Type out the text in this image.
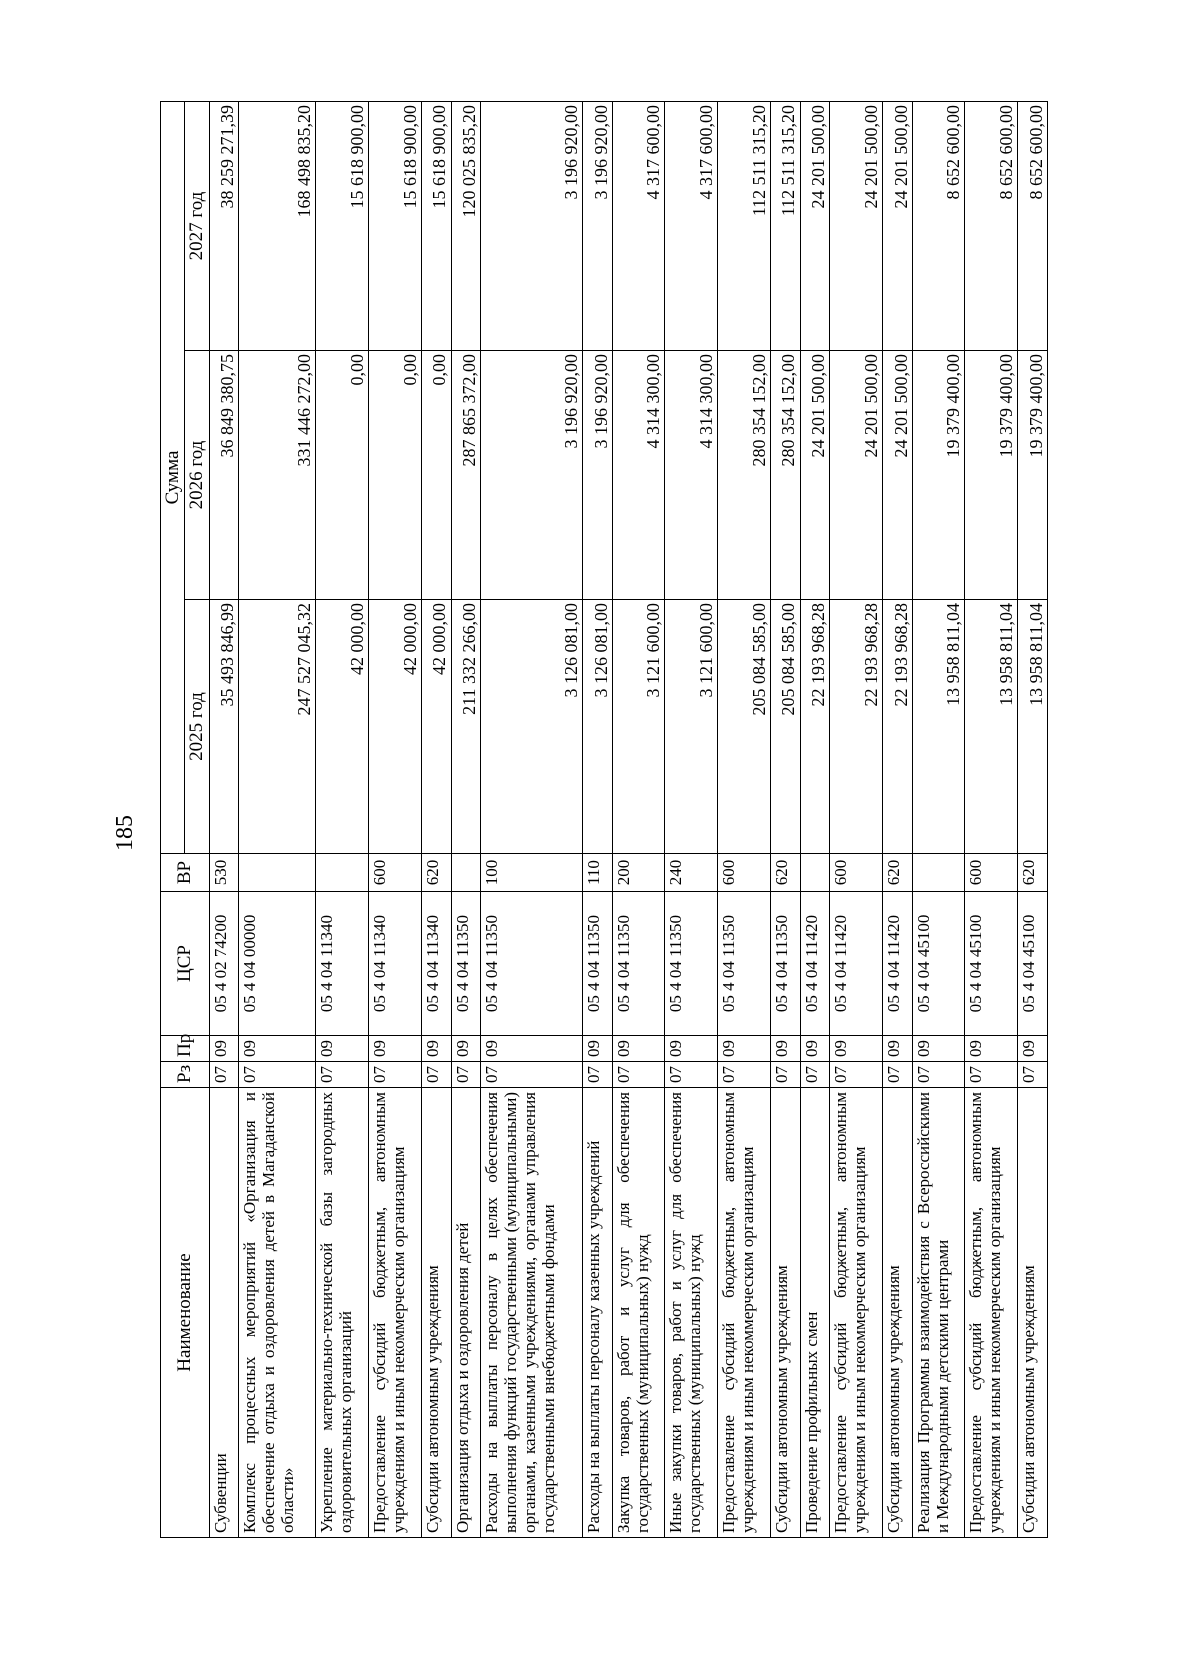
185
Наименование	Рз	Пр	ЦСР	ВР	Сумма		
					2025 год	2026 год	2027 год
Субвенции	07	09	05 4 02 74200	530	35 493 846,99	36 849 380,75	38 259 271,39
Комплекс процессных мероприятий «Организация и обеспечение отдыха и оздоровления детей в Магаданской области»	07	09	05 4 04 00000		247 527 045,32	331 446 272,00	168 498 835,20
Укрепление материально-технической базы загородных оздоровительных организаций	07	09	05 4 04 11340		42 000,00	0,00	15 618 900,00
Предоставление субсидий бюджетным, автономным учреждениям и иным некоммерческим организациям	07	09	05 4 04 11340	600	42 000,00	0,00	15 618 900,00
Субсидии автономным учреждениям	07	09	05 4 04 11340	620	42 000,00	0,00	15 618 900,00
Организация отдыха и оздоровления детей	07	09	05 4 04 11350		211 332 266,00	287 865 372,00	120 025 835,20
Расходы на выплаты персоналу в целях обеспечения выполнения функций государственными (муниципальными) органами, казенными учреждениями, органами управления государственными внебюджетными фондами	07	09	05 4 04 11350	100	3 126 081,00	3 196 920,00	3 196 920,00
Расходы на выплаты персоналу казенных учреждений	07	09	05 4 04 11350	110	3 126 081,00	3 196 920,00	3 196 920,00
Закупка товаров, работ и услуг для обеспечения государственных (муниципальных) нужд	07	09	05 4 04 11350	200	3 121 600,00	4 314 300,00	4 317 600,00
Иные закупки товаров, работ и услуг для обеспечения государственных (муниципальных) нужд	07	09	05 4 04 11350	240	3 121 600,00	4 314 300,00	4 317 600,00
Предоставление субсидий бюджетным, автономным учреждениям и иным некоммерческим организациям	07	09	05 4 04 11350	600	205 084 585,00	280 354 152,00	112 511 315,20
Субсидии автономным учреждениям	07	09	05 4 04 11350	620	205 084 585,00	280 354 152,00	112 511 315,20
Проведение профильных смен	07	09	05 4 04 11420		22 193 968,28	24 201 500,00	24 201 500,00
Предоставление субсидий бюджетным, автономным учреждениям и иным некоммерческим организациям	07	09	05 4 04 11420	600	22 193 968,28	24 201 500,00	24 201 500,00
Субсидии автономным учреждениям	07	09	05 4 04 11420	620	22 193 968,28	24 201 500,00	24 201 500,00
Реализация Программы взаимодействия с Всероссийскими и Международными детскими центрами	07	09	05 4 04 45100		13 958 811,04	19 379 400,00	8 652 600,00
Предоставление субсидий бюджетным, автономным учреждениям и иным некоммерческим организациям	07	09	05 4 04 45100	600	13 958 811,04	19 379 400,00	8 652 600,00
Субсидии автономным учреждениям	07	09	05 4 04 45100	620	13 958 811,04	19 379 400,00	8 652 600,00
